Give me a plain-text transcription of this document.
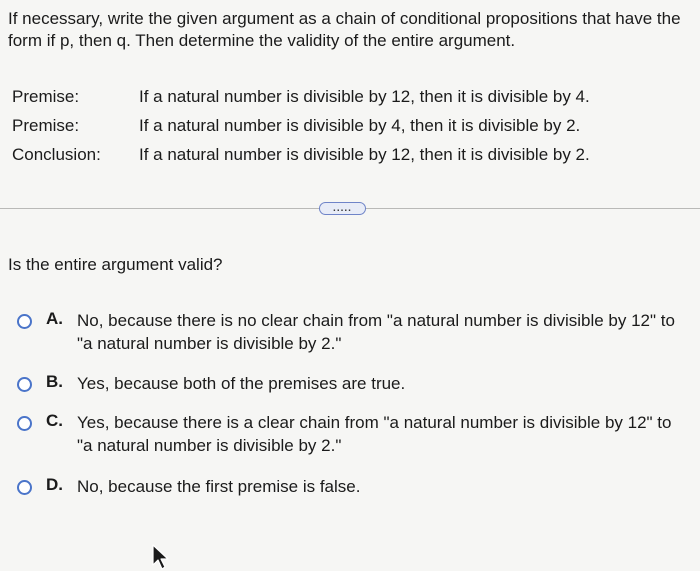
If necessary, write the given argument as a chain of conditional propositions that have the form if p, then q. Then determine the validity of the entire argument.
Premise:	If a natural number is divisible by 12, then it is divisible by 4.
Premise:	If a natural number is divisible by 4, then it is divisible by 2.
Conclusion:	If a natural number is divisible by 12, then it is divisible by 2.
.....
Is the entire argument valid?
A. No, because there is no clear chain from "a natural number is divisible by 12" to "a natural number is divisible by 2."
B. Yes, because both of the premises are true.
C. Yes, because there is a clear chain from "a natural number is divisible by 12" to "a natural number is divisible by 2."
D. No, because the first premise is false.
